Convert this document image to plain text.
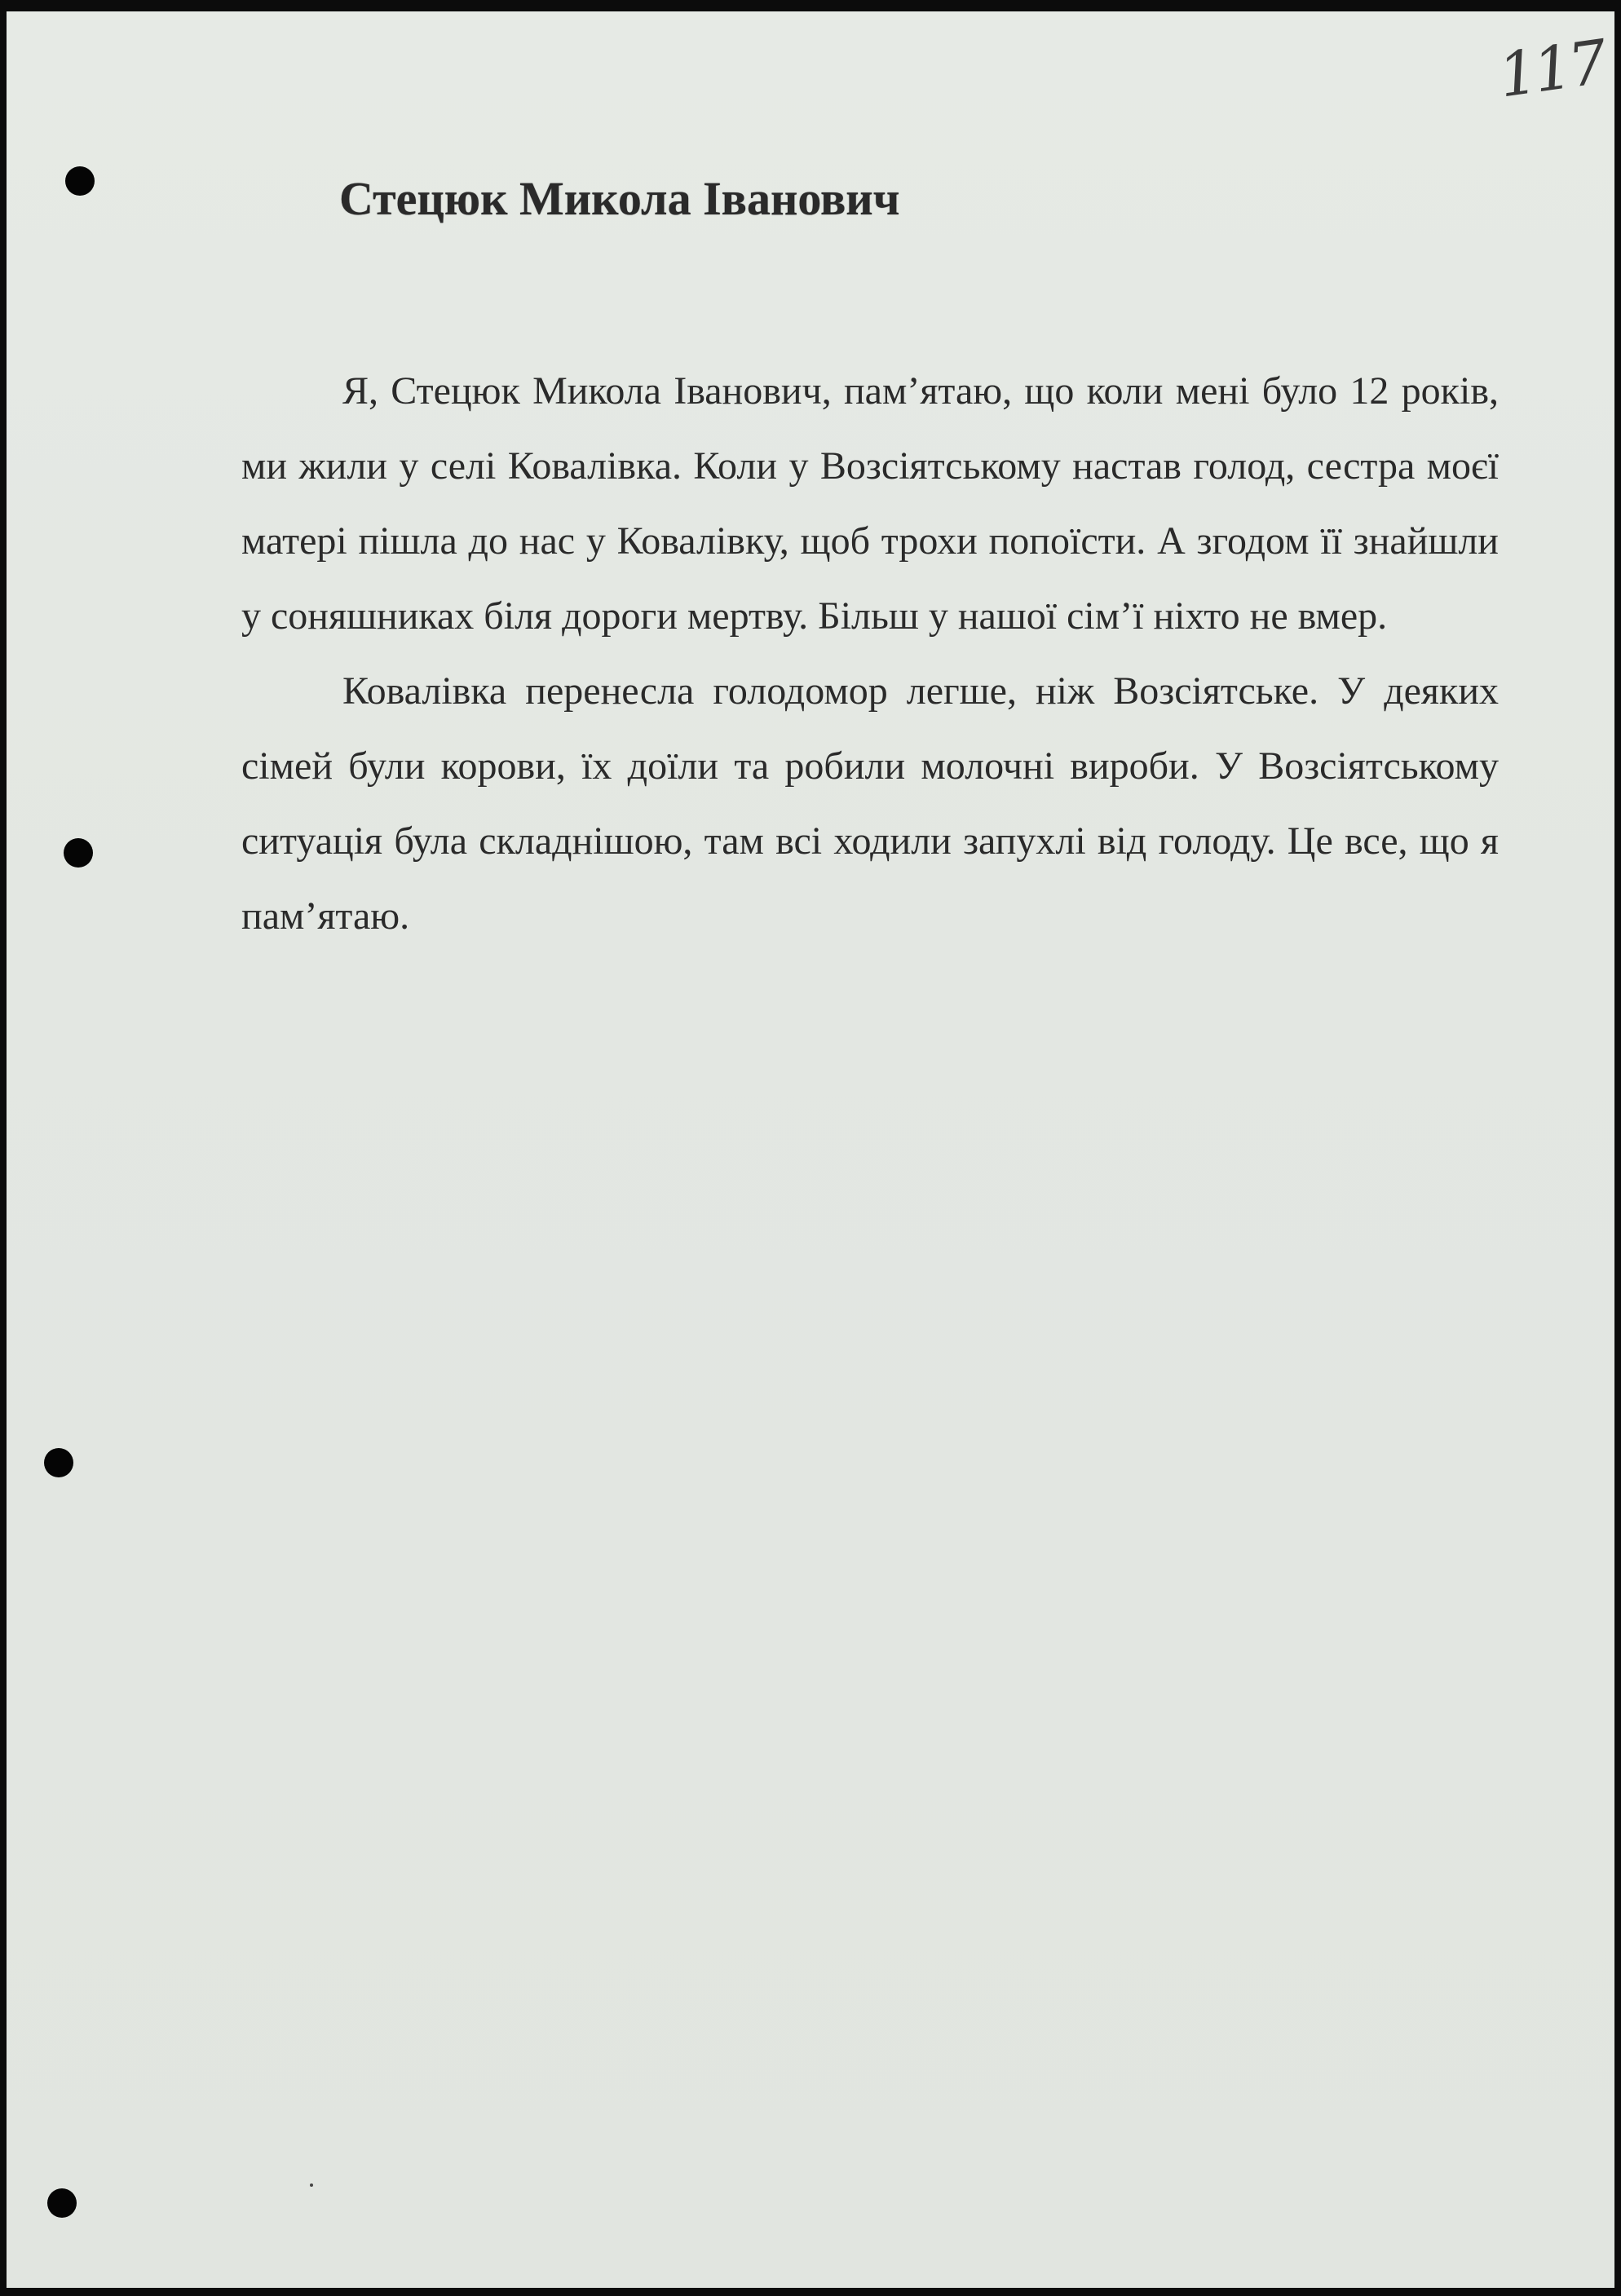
117
Стецюк Микола Іванович

Я, Стецюк Микола Іванович, пам’ятаю, що коли мені було 12 років, ми жили у селі Ковалівка. Коли у Возсіятському настав голод, сестра моєї матері пішла до нас у Ковалівку, щоб трохи попоїсти. А згодом її знайшли у соняшниках біля дороги мертву. Більш у нашої сім’ї ніхто не вмер.

Ковалівка перенесла голодомор легше, ніж Возсіятське. У деяких сімей були корови, їх доїли та робили молочні вироби. У Возсіятському ситуація була складнішою, там всі ходили запухлі від голоду. Це все, що я пам’ятаю.
